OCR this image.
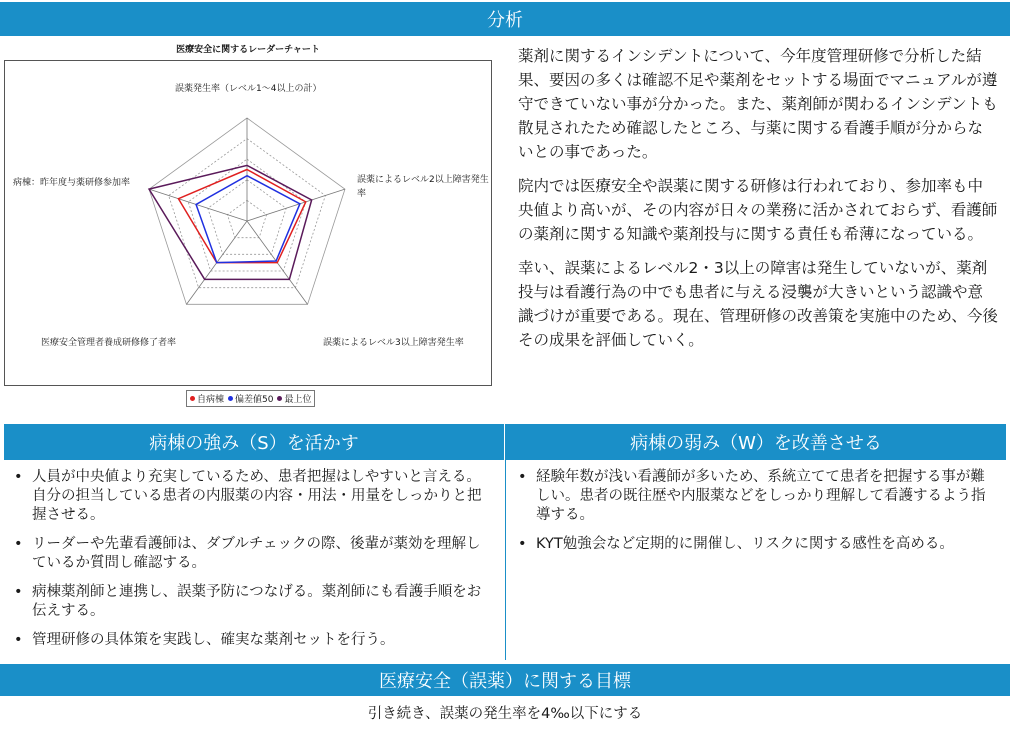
分析
医療安全に関するレーダーチャート
誤薬発生率（レベル1～4以上の計）
誤薬によるレベル2以上障害発生率
誤薬によるレベル3以上障害発生率
医療安全管理者養成研修修了者率
病棟：昨年度与薬研修参加率
自病棟 偏差値50 最上位

薬剤に関するインシデントについて、今年度管理研修で分析した結果、要因の多くは確認不足や薬剤をセットする場面でマニュアルが遵守できていない事が分かった。また、薬剤師が関わるインシデントも散見されたため確認したところ、与薬に関する看護手順が分からないとの事であった。

院内では医療安全や誤薬に関する研修は行われており、参加率も中央値より高いが、その内容が日々の業務に活かされておらず、看護師の薬剤に関する知識や薬剤投与に関する責任も希薄になっている。

幸い、誤薬によるレベル2・3以上の障害は発生していないが、薬剤投与は看護行為の中でも患者に与える浸襲が大きいという認識や意識づけが重要である。現在、管理研修の改善策を実施中のため、今後その成果を評価していく。

病棟の強み（S）を活かす	病棟の弱み（W）を改善させる
• 人員が中央値より充実しているため、患者把握はしやすいと言える。自分の担当している患者の内服薬の内容・用法・用量をしっかりと把握させる。
• リーダーや先輩看護師は、ダブルチェックの際、後輩が薬効を理解しているか質問し確認する。
• 病棟薬剤師と連携し、誤薬予防につなげる。薬剤師にも看護手順をお伝えする。
• 管理研修の具体策を実践し、確実な薬剤セットを行う。
• 経験年数が浅い看護師が多いため、系統立てて患者を把握する事が難しい。患者の既往歴や内服薬などをしっかり理解して看護するよう指導する。
• KYT勉強会など定期的に開催し、リスクに関する感性を高める。
医療安全（誤薬）に関する目標
引き続き、誤薬の発生率を4‰以下にする
